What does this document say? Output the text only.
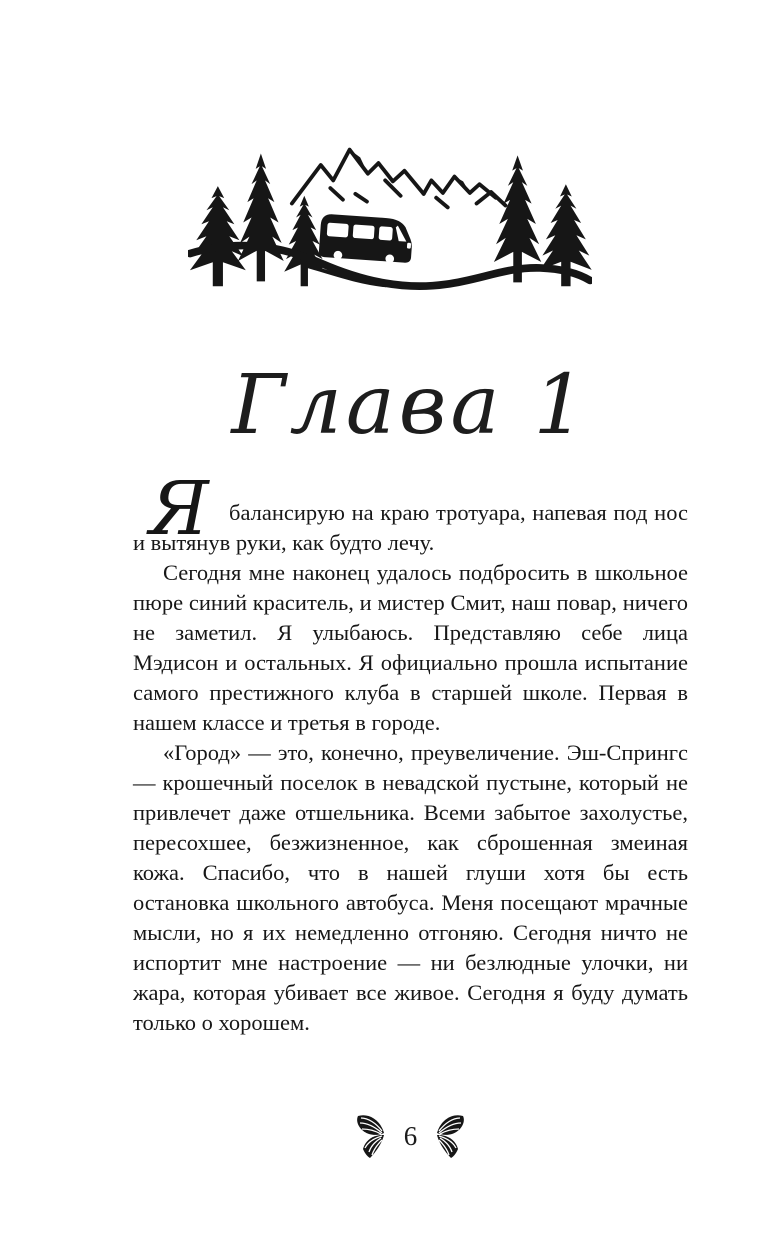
Глава 1

Я балансирую на краю тротуара, напевая под нос и вытянув руки, как будто лечу.

Сегодня мне наконец удалось подбросить в школьное пюре синий краситель, и мистер Смит, наш повар, ничего не заметил. Я улыбаюсь. Представляю себе лица Мэдисон и остальных. Я официально прошла испытание самого престижного клуба в старшей школе. Первая в нашем классе и третья в городе.

«Город» — это, конечно, преувеличение. Эш-Спрингс — крошечный поселок в невадской пустыне, который не привлечет даже отшельника. Всеми забытое захолустье, пересохшее, безжизненное, как сброшенная змеиная кожа. Спасибо, что в нашей глуши хотя бы есть остановка школьного автобуса. Меня посещают мрачные мысли, но я их немедленно отгоняю. Сегодня ничто не испортит мне настроение — ни безлюдные улочки, ни жара, которая убивает все живое. Сегодня я буду думать только о хорошем.

6
